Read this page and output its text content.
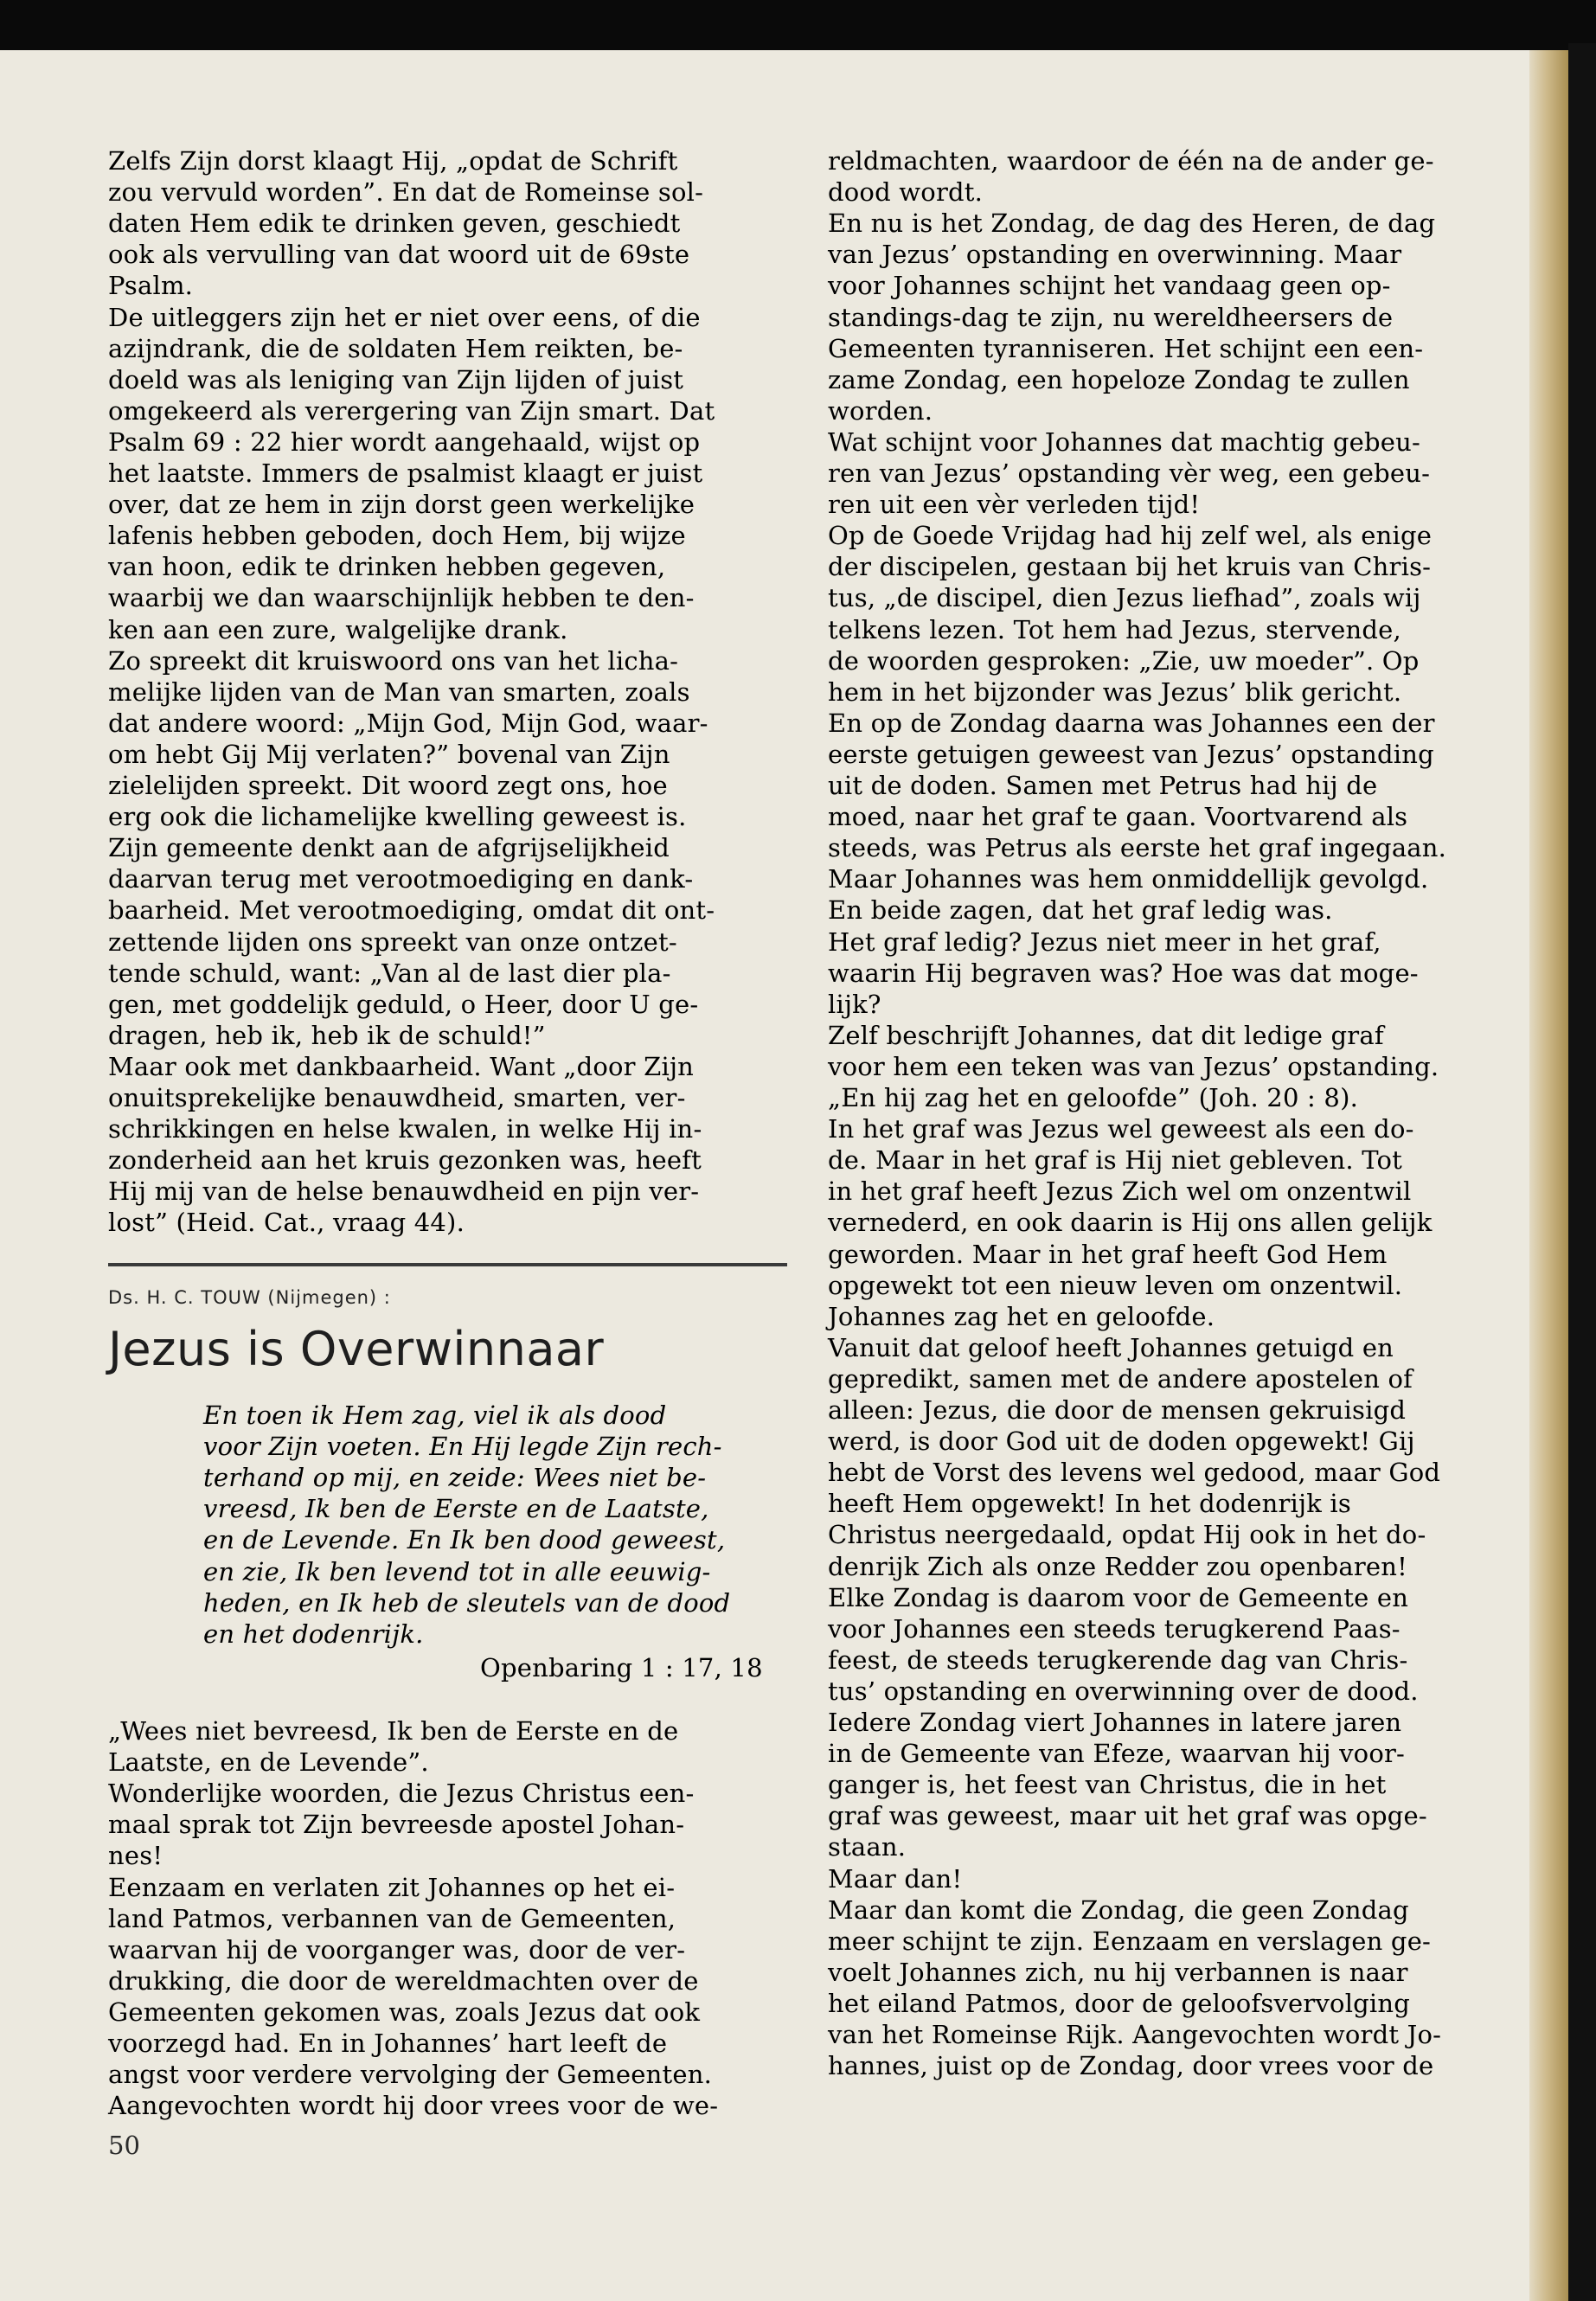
Zelfs Zijn dorst klaagt Hij, „opdat de Schrift
zou vervuld worden”. En dat de Romeinse sol-
daten Hem edik te drinken geven, geschiedt
ook als vervulling van dat woord uit de 69ste
Psalm.
De uitleggers zijn het er niet over eens, of die
azijndrank, die de soldaten Hem reikten, be-
doeld was als leniging van Zijn lijden of juist
omgekeerd als verergering van Zijn smart. Dat
Psalm 69 : 22 hier wordt aangehaald, wijst op
het laatste. Immers de psalmist klaagt er juist
over, dat ze hem in zijn dorst geen werkelijke
lafenis hebben geboden, doch Hem, bij wijze
van hoon, edik te drinken hebben gegeven,
waarbij we dan waarschijnlijk hebben te den-
ken aan een zure, walgelijke drank.
Zo spreekt dit kruiswoord ons van het licha-
melijke lijden van de Man van smarten, zoals
dat andere woord: „Mijn God, Mijn God, waar-
om hebt Gij Mij verlaten?” bovenal van Zijn
zielelijden spreekt. Dit woord zegt ons, hoe
erg ook die lichamelijke kwelling geweest is.
Zijn gemeente denkt aan de afgrijselijkheid
daarvan terug met verootmoediging en dank-
baarheid. Met verootmoediging, omdat dit ont-
zettende lijden ons spreekt van onze ontzet-
tende schuld, want: „Van al de last dier pla-
gen, met goddelijk geduld, o Heer, door U ge-
dragen, heb ik, heb ik de schuld!”
Maar ook met dankbaarheid. Want „door Zijn
onuitsprekelijke benauwdheid, smarten, ver-
schrikkingen en helse kwalen, in welke Hij in-
zonderheid aan het kruis gezonken was, heeft
Hij mij van de helse benauwdheid en pijn ver-
lost” (Heid. Cat., vraag 44).
Ds. H. C. TOUW (Nijmegen) :
Jezus is Overwinnaar
En toen ik Hem zag, viel ik als dood
voor Zijn voeten. En Hij legde Zijn rech-
terhand op mij, en zeide: Wees niet be-
vreesd, Ik ben de Eerste en de Laatste,
en de Levende. En Ik ben dood geweest,
en zie, Ik ben levend tot in alle eeuwig-
heden, en Ik heb de sleutels van de dood
en het dodenrijk.
Openbaring 1 : 17, 18
„Wees niet bevreesd, Ik ben de Eerste en de
Laatste, en de Levende”.
Wonderlijke woorden, die Jezus Christus een-
maal sprak tot Zijn bevreesde apostel Johan-
nes!
Eenzaam en verlaten zit Johannes op het ei-
land Patmos, verbannen van de Gemeenten,
waarvan hij de voorganger was, door de ver-
drukking, die door de wereldmachten over de
Gemeenten gekomen was, zoals Jezus dat ook
voorzegd had. En in Johannes’ hart leeft de
angst voor verdere vervolging der Gemeenten.
Aangevochten wordt hij door vrees voor de we-
reldmachten, waardoor de één na de ander ge-
dood wordt.
En nu is het Zondag, de dag des Heren, de dag
van Jezus’ opstanding en overwinning. Maar
voor Johannes schijnt het vandaag geen op-
standings-dag te zijn, nu wereldheersers de
Gemeenten tyranniseren. Het schijnt een een-
zame Zondag, een hopeloze Zondag te zullen
worden.
Wat schijnt voor Johannes dat machtig gebeu-
ren van Jezus’ opstanding vèr weg, een gebeu-
ren uit een vèr verleden tijd!
Op de Goede Vrijdag had hij zelf wel, als enige
der discipelen, gestaan bij het kruis van Chris-
tus, „de discipel, dien Jezus liefhad”, zoals wij
telkens lezen. Tot hem had Jezus, stervende,
de woorden gesproken: „Zie, uw moeder”. Op
hem in het bijzonder was Jezus’ blik gericht.
En op de Zondag daarna was Johannes een der
eerste getuigen geweest van Jezus’ opstanding
uit de doden. Samen met Petrus had hij de
moed, naar het graf te gaan. Voortvarend als
steeds, was Petrus als eerste het graf ingegaan.
Maar Johannes was hem onmiddellijk gevolgd.
En beide zagen, dat het graf ledig was.
Het graf ledig? Jezus niet meer in het graf,
waarin Hij begraven was? Hoe was dat moge-
lijk?
Zelf beschrijft Johannes, dat dit ledige graf
voor hem een teken was van Jezus’ opstanding.
„En hij zag het en geloofde” (Joh. 20 : 8).
In het graf was Jezus wel geweest als een do-
de. Maar in het graf is Hij niet gebleven. Tot
in het graf heeft Jezus Zich wel om onzentwil
vernederd, en ook daarin is Hij ons allen gelijk
geworden. Maar in het graf heeft God Hem
opgewekt tot een nieuw leven om onzentwil.
Johannes zag het en geloofde.
Vanuit dat geloof heeft Johannes getuigd en
gepredikt, samen met de andere apostelen of
alleen: Jezus, die door de mensen gekruisigd
werd, is door God uit de doden opgewekt! Gij
hebt de Vorst des levens wel gedood, maar God
heeft Hem opgewekt! In het dodenrijk is
Christus neergedaald, opdat Hij ook in het do-
denrijk Zich als onze Redder zou openbaren!
Elke Zondag is daarom voor de Gemeente en
voor Johannes een steeds terugkerend Paas-
feest, de steeds terugkerende dag van Chris-
tus’ opstanding en overwinning over de dood.
Iedere Zondag viert Johannes in latere jaren
in de Gemeente van Efeze, waarvan hij voor-
ganger is, het feest van Christus, die in het
graf was geweest, maar uit het graf was opge-
staan.
Maar dan!
Maar dan komt die Zondag, die geen Zondag
meer schijnt te zijn. Eenzaam en verslagen ge-
voelt Johannes zich, nu hij verbannen is naar
het eiland Patmos, door de geloofsvervolging
van het Romeinse Rijk. Aangevochten wordt Jo-
hannes, juist op de Zondag, door vrees voor de
50
